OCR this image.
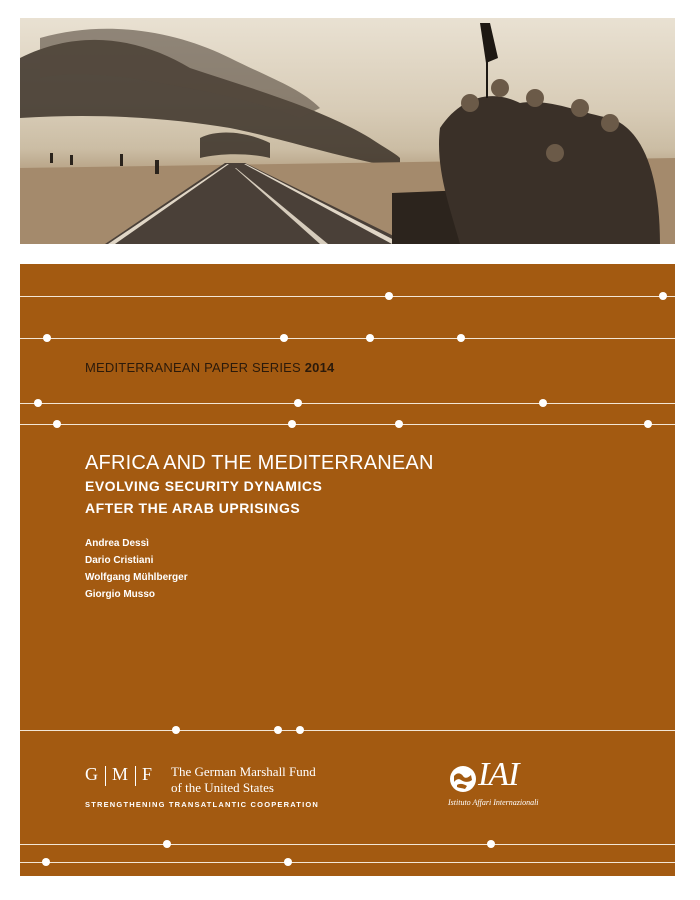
MEDITERRANEAN PAPER SERIES 2014
AFRICA AND THE MEDITERRANEAN
EVOLVING SECURITY DYNAMICS
AFTER THE ARAB UPRISINGS
Andrea Dessì
Dario Cristiani
Wolfgang Mühlberger
Giorgio Musso
G M F The German Marshall Fund
of the United States
STRENGTHENING TRANSATLANTIC COOPERATION
IAI
Istituto Affari Internazionali
